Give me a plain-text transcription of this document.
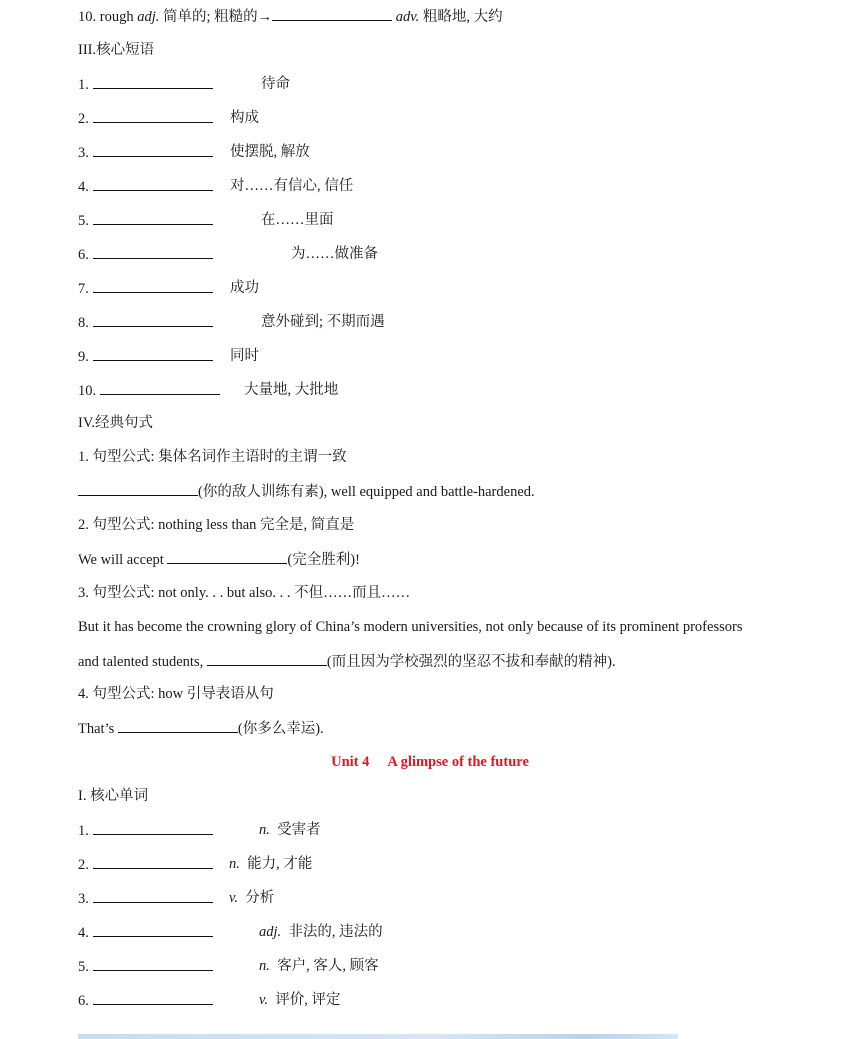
10. rough adj. 简单的; 粗糙的→	adv. 粗略地, 大约
III.核心短语
1.	待命
2.	构成
3.	使摆脱, 解放
4.	对……有信心, 信任
5.	在……里面
6.	为……做准备
7.	成功
8.	意外碰到; 不期而遇
9.	同时
10.	大量地, 大批地
IV.经典句式
1. 句型公式: 集体名词作主语时的主谓一致
(你的敌人训练有素), well equipped and battle-hardened.
2. 句型公式: nothing less than 完全是, 简直是
We will accept	(完全胜利)!
3. 句型公式: not only. . . but also. . . 不但……而且……
But it has become the crowning glory of China’s modern universities, not only because of its prominent professors
and talented students,	(而且因为学校强烈的坚忍不拔和奉献的精神).
4. 句型公式: how 引导表语从句
That’s	(你多么幸运).
Unit 4 A glimpse of the future
I. 核心单词
1.	n. 受害者
2.	n. 能力, 才能
3.	v. 分析
4.	adj. 非法的, 违法的
5.	n. 客户, 客人, 顾客
6.	v. 评价, 评定
